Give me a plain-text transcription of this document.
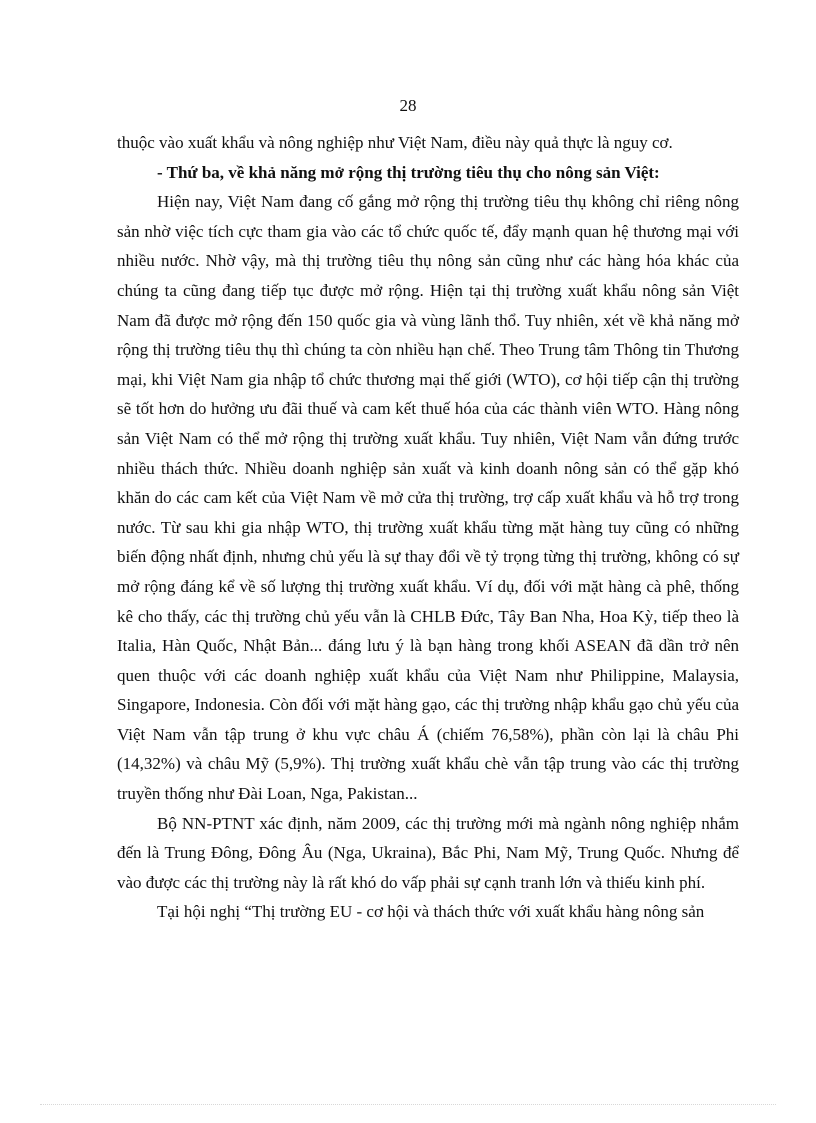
28

thuộc vào xuất khẩu và nông nghiệp như Việt Nam, điều này quả thực là nguy cơ.

- Thứ ba, về khả năng mở rộng thị trường tiêu thụ cho nông sản Việt:

Hiện nay, Việt Nam đang cố gắng mở rộng thị trường tiêu thụ không chỉ riêng nông sản nhờ việc tích cực tham gia vào các tổ chức quốc tế, đẩy mạnh quan hệ thương mại với nhiều nước. Nhờ vậy, mà thị trường tiêu thụ nông sản cũng như các hàng hóa khác của chúng ta cũng đang tiếp tục được mở rộng. Hiện tại thị trường xuất khẩu nông sản Việt Nam đã được mở rộng đến 150 quốc gia và vùng lãnh thổ. Tuy nhiên, xét về khả năng mở rộng thị trường tiêu thụ thì chúng ta còn nhiều hạn chế. Theo Trung tâm Thông tin Thương mại, khi Việt Nam gia nhập tổ chức thương mại thế giới (WTO), cơ hội tiếp cận thị trường sẽ tốt hơn do hưởng ưu đãi thuế và cam kết thuế hóa của các thành viên WTO. Hàng nông sản Việt Nam có thể mở rộng thị trường xuất khẩu. Tuy nhiên, Việt Nam vẫn đứng trước nhiều thách thức. Nhiều doanh nghiệp sản xuất và kinh doanh nông sản có thể gặp khó khăn do các cam kết của Việt Nam về mở cửa thị trường, trợ cấp xuất khẩu và hỗ trợ trong nước. Từ sau khi gia nhập WTO, thị trường xuất khẩu từng mặt hàng tuy cũng có những biến động nhất định, nhưng chủ yếu là sự thay đổi về tỷ trọng từng thị trường, không có sự mở rộng đáng kể về số lượng thị trường xuất khẩu. Ví dụ, đối với mặt hàng cà phê, thống kê cho thấy, các thị trường chủ yếu vẫn là CHLB Đức, Tây Ban Nha, Hoa Kỳ, tiếp theo là Italia, Hàn Quốc, Nhật Bản... đáng lưu ý là bạn hàng trong khối ASEAN đã dần trở nên quen thuộc với các doanh nghiệp xuất khẩu của Việt Nam như Philippine, Malaysia, Singapore, Indonesia. Còn đối với mặt hàng gạo, các thị trường nhập khẩu gạo chủ yếu của Việt Nam vẫn tập trung ở khu vực châu Á (chiếm 76,58%), phần còn lại là châu Phi (14,32%) và châu Mỹ (5,9%). Thị trường xuất khẩu chè vẫn tập trung vào các thị trường truyền thống như Đài Loan, Nga, Pakistan...

Bộ NN-PTNT xác định, năm 2009, các thị trường mới mà ngành nông nghiệp nhắm đến là Trung Đông, Đông Âu (Nga, Ukraina), Bắc Phi, Nam Mỹ, Trung Quốc. Nhưng để vào được các thị trường này là rất khó do vấp phải sự cạnh tranh lớn và thiếu kinh phí.

Tại hội nghị “Thị trường EU - cơ hội và thách thức với xuất khẩu hàng nông sản
